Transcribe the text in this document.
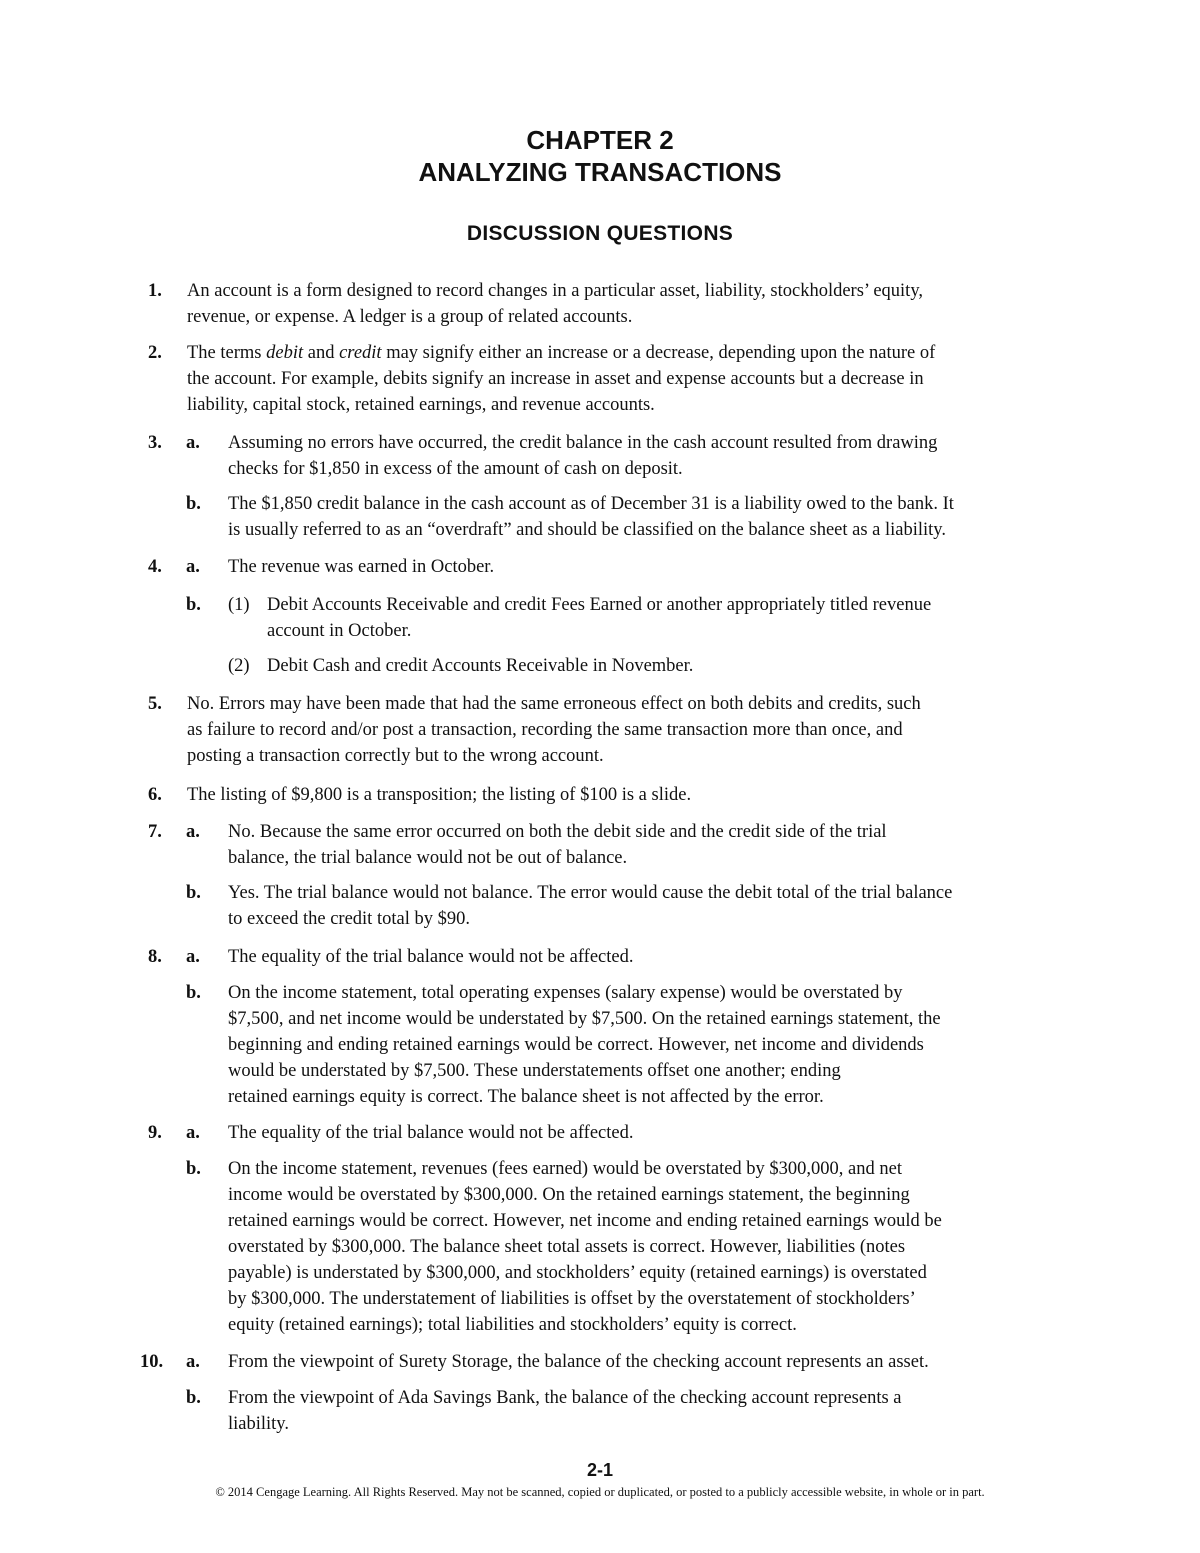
CHAPTER 2
ANALYZING TRANSACTIONS
DISCUSSION QUESTIONS
1.	An account is a form designed to record changes in a particular asset, liability, stockholders’ equity,
revenue, or expense. A ledger is a group of related accounts.
2.	The terms debit and credit may signify either an increase or a decrease, depending upon the nature of
the account. For example, debits signify an increase in asset and expense accounts but a decrease in
liability, capital stock, retained earnings, and revenue accounts.
3.	a.	Assuming no errors have occurred, the credit balance in the cash account resulted from drawing
checks for $1,850 in excess of the amount of cash on deposit.
b.	The $1,850 credit balance in the cash account as of December 31 is a liability owed to the bank. It
is usually referred to as an “overdraft” and should be classified on the balance sheet as a liability.
4.	a.	The revenue was earned in October.
b.	(1) Debit Accounts Receivable and credit Fees Earned or another appropriately titled revenue
account in October.
(2) Debit Cash and credit Accounts Receivable in November.
5.	No. Errors may have been made that had the same erroneous effect on both debits and credits, such
as failure to record and/or post a transaction, recording the same transaction more than once, and
posting a transaction correctly but to the wrong account.
6.	The listing of $9,800 is a transposition; the listing of $100 is a slide.
7.	a.	No. Because the same error occurred on both the debit side and the credit side of the trial
balance, the trial balance would not be out of balance.
b.	Yes. The trial balance would not balance. The error would cause the debit total of the trial balance
to exceed the credit total by $90.
8.	a.	The equality of the trial balance would not be affected.
b.	On the income statement, total operating expenses (salary expense) would be overstated by
$7,500, and net income would be understated by $7,500. On the retained earnings statement, the
beginning and ending retained earnings would be correct. However, net income and dividends
would be understated by $7,500. These understatements offset one another; ending
retained earnings equity is correct. The balance sheet is not affected by the error.
9.	a.	The equality of the trial balance would not be affected.
b.	On the income statement, revenues (fees earned) would be overstated by $300,000, and net
income would be overstated by $300,000. On the retained earnings statement, the beginning
retained earnings would be correct. However, net income and ending retained earnings would be
overstated by $300,000. The balance sheet total assets is correct. However, liabilities (notes
payable) is understated by $300,000, and stockholders’ equity (retained earnings) is overstated
by $300,000. The understatement of liabilities is offset by the overstatement of stockholders’
equity (retained earnings); total liabilities and stockholders’ equity is correct.
10. a.	From the viewpoint of Surety Storage, the balance of the checking account represents an asset.
b.	From the viewpoint of Ada Savings Bank, the balance of the checking account represents a
liability.
2-1
© 2014 Cengage Learning. All Rights Reserved. May not be scanned, copied or duplicated, or posted to a publicly accessible website, in whole or in part.
